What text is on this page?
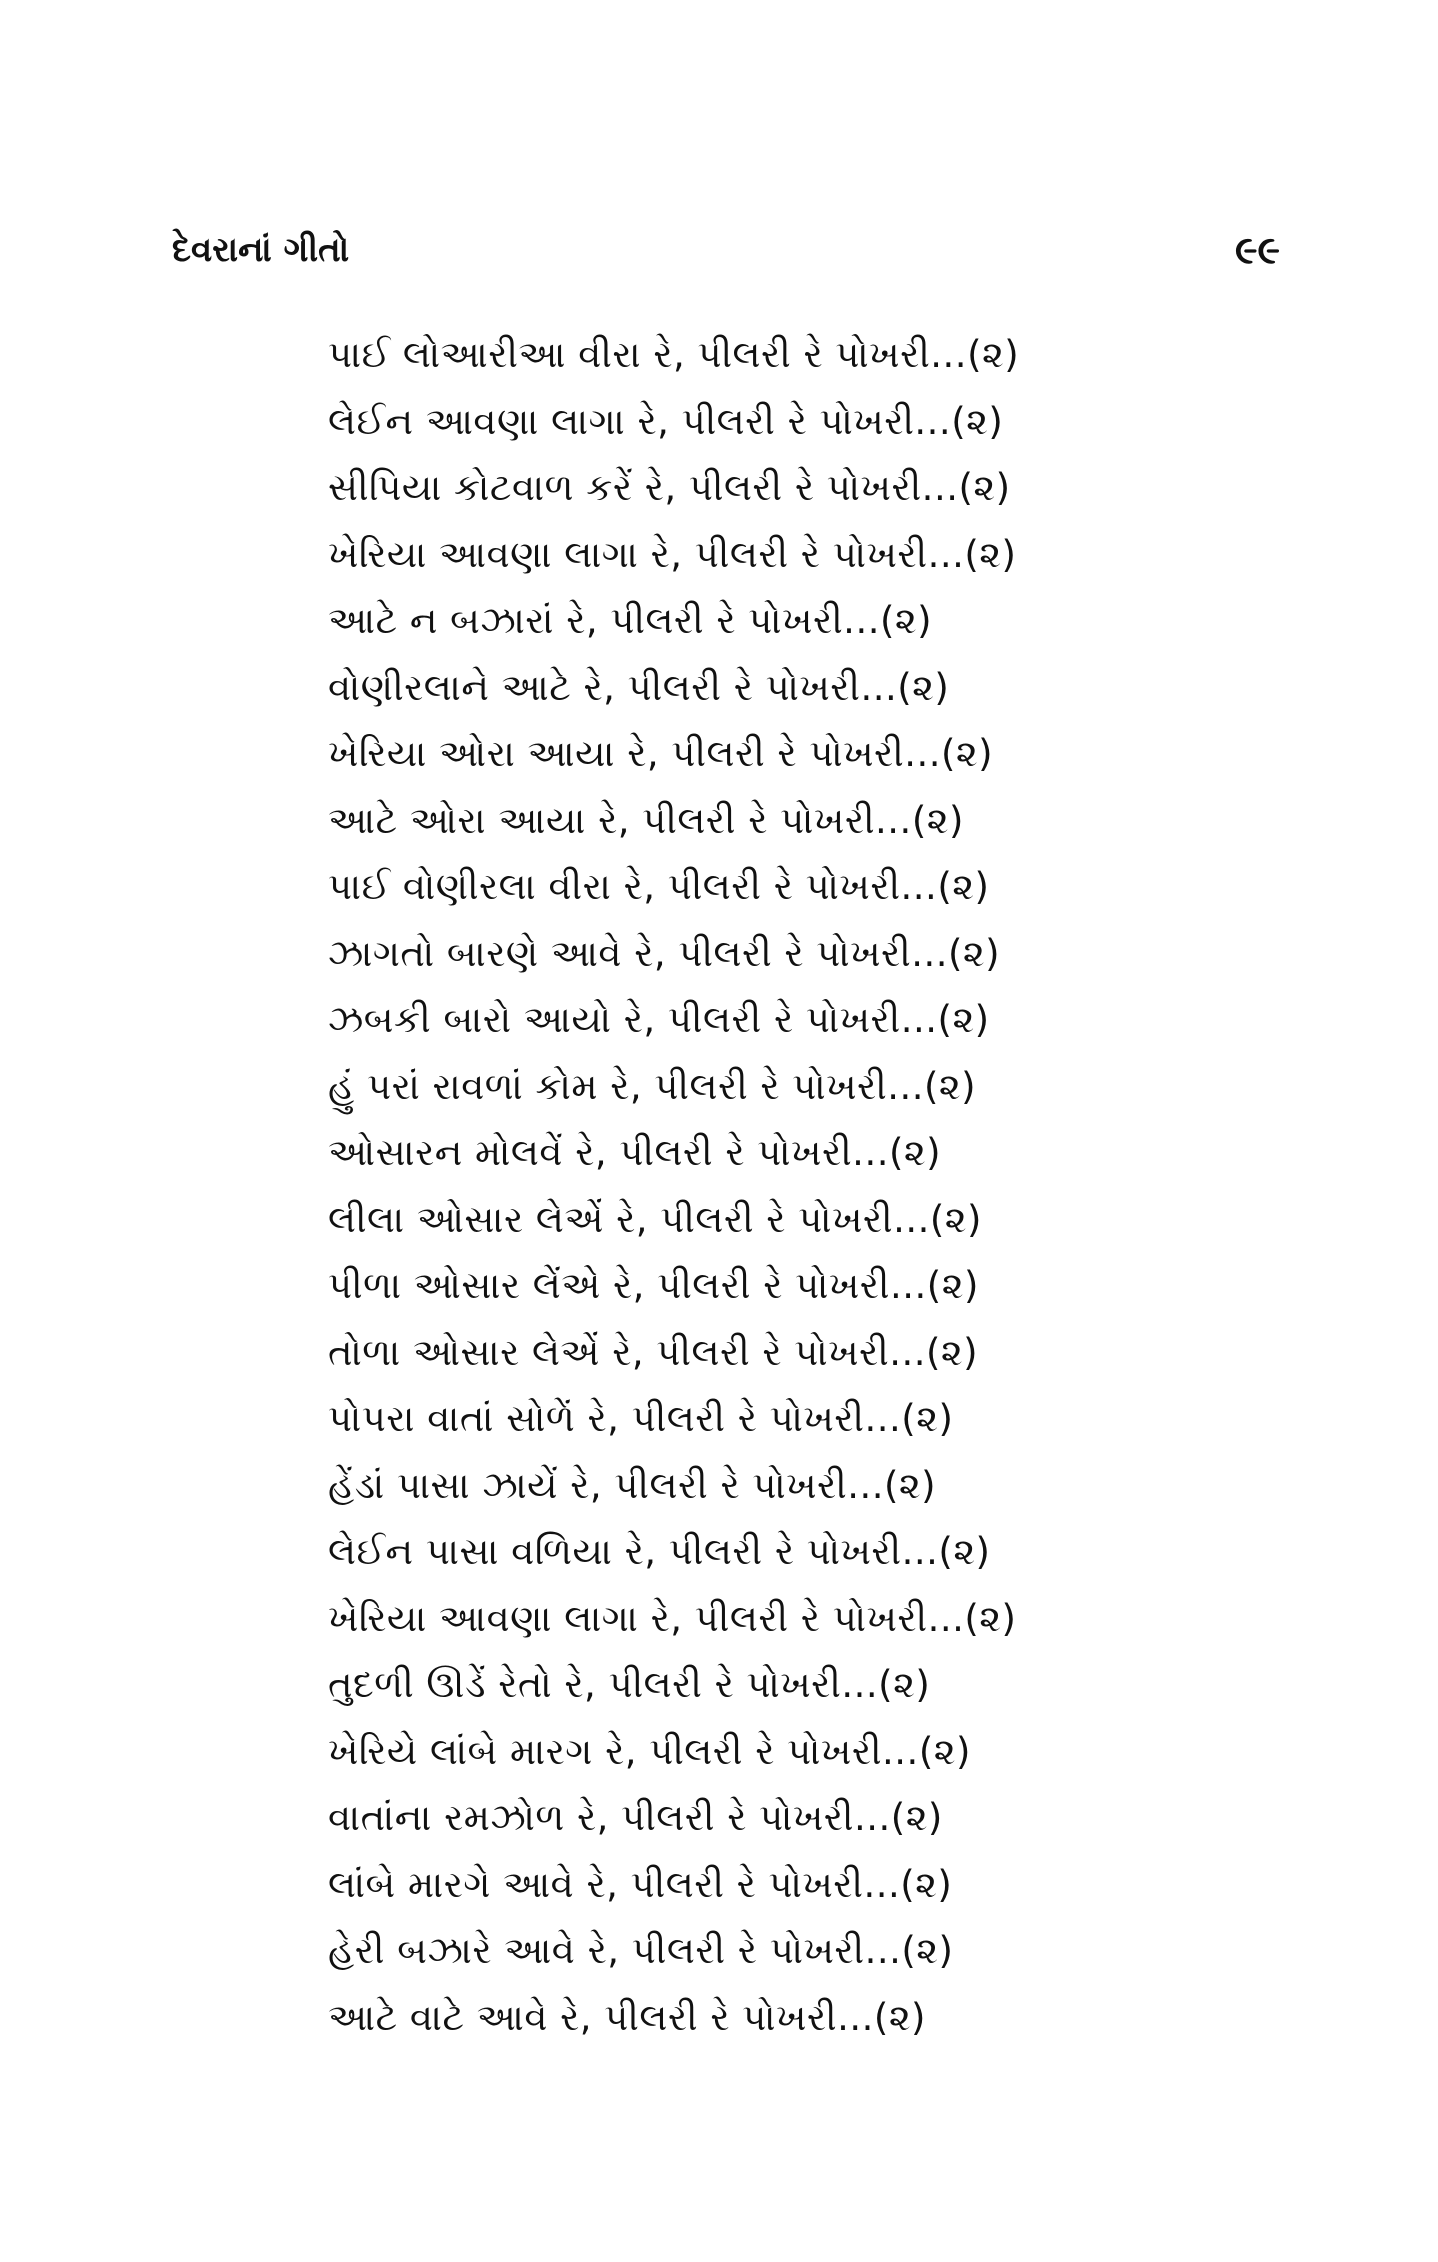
દેવરાનાં ગીતો	૯૯
પાઈ લોઆરીઆ વીરા રે, પીલરી રે પોખરી...(૨)
લેઈન આવણા લાગા રે, પીલરી રે પોખરી...(૨)
સીપિયા કોટવાળ કરેં રે, પીલરી રે પોખરી...(૨)
ખેરિયા આવણા લાગા રે, પીલરી રે પોખરી...(૨)
આટે ન બઝારાં રે, પીલરી રે પોખરી...(૨)
વોણીરલાને આટે રે, પીલરી રે પોખરી...(૨)
ખેરિયા ઓરા આયા રે, પીલરી રે પોખરી...(૨)
આટે ઓરા આયા રે, પીલરી રે પોખરી...(૨)
પાઈ વોણીરલા વીરા રે, પીલરી રે પોખરી...(૨)
ઝાગતો બારણે આવે રે, પીલરી રે પોખરી...(૨)
ઝબકી બારો આયો રે, પીલરી રે પોખરી...(૨)
હું પરાં રાવળાં કોમ રે, પીલરી રે પોખરી...(૨)
ઓસારન મોલવેં રે, પીલરી રે પોખરી...(૨)
લીલા ઓસાર લેએં રે, પીલરી રે પોખરી...(૨)
પીળા ઓસાર લેંએ રે, પીલરી રે પોખરી...(૨)
તોળા ઓસાર લેએં રે, પીલરી રે પોખરી...(૨)
પોપરા વાતાં સોળેં રે, પીલરી રે પોખરી...(૨)
હેંડાં પાસા ઝાયેં રે, પીલરી રે પોખરી...(૨)
લેઈન પાસા વળિયા રે, પીલરી રે પોખરી...(૨)
ખેરિયા આવણા લાગા રે, પીલરી રે પોખરી...(૨)
તુદળી ઊડેં રેતો રે, પીલરી રે પોખરી...(૨)
ખેરિયે લાંબે મારગ રે, પીલરી રે પોખરી...(૨)
વાતાંના રમઝોળ રે, પીલરી રે પોખરી...(૨)
લાંબે મારગે આવે રે, પીલરી રે પોખરી...(૨)
હેરી બઝારે આવે રે, પીલરી રે પોખરી...(૨)
આટે વાટે આવે રે, પીલરી રે પોખરી...(૨)
